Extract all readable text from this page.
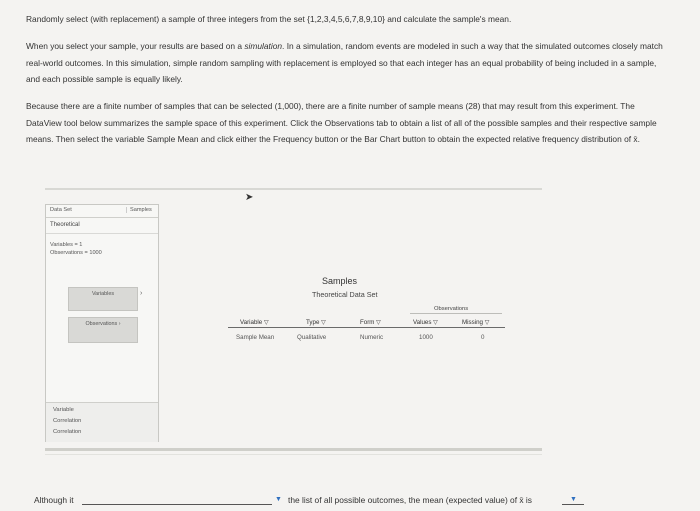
Randomly select (with replacement) a sample of three integers from the set {1,2,3,4,5,6,7,8,9,10} and calculate the sample's mean.
When you select your sample, your results are based on a simulation. In a simulation, random events are modeled in such a way that the simulated outcomes closely match real-world outcomes. In this simulation, simple random sampling with replacement is employed so that each integer has an equal probability of being included in a sample, and each possible sample is equally likely.
Because there are a finite number of samples that can be selected (1,000), there are a finite number of sample means (28) that may result from this experiment. The DataView tool below summarizes the sample space of this experiment. Click the Observations tab to obtain a list of all of the possible samples and their respective sample means. Then select the variable Sample Mean and click either the Frequency button or the Bar Chart button to obtain the expected relative frequency distribution of x̄.
Data Set	Samples
Theoretical
Variables = 1
Observations = 1000
Variables	›
Observations ›
Variable
Correlation
Correlation
➤
Samples
Theoretical Data Set
Observations
Variable ▽	Type ▽	Form ▽	Values ▽	Missing ▽
Sample Mean	Qualitative	Numeric	1000	0
Although it	▼ the list of all possible outcomes, the mean (expected value) of x̄ is	▼
